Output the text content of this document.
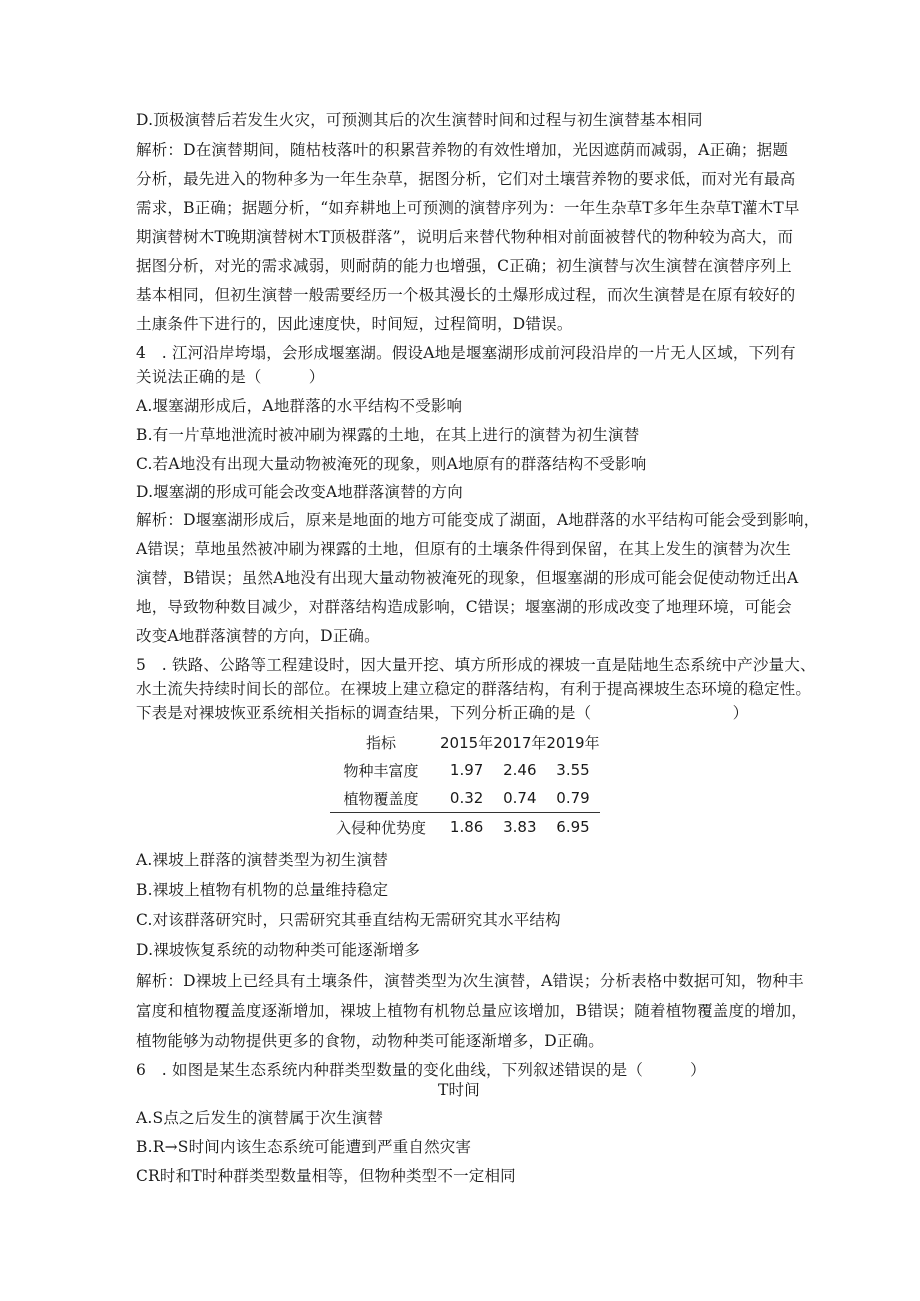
D.顶极演替后若发生火灾，可预测其后的次生演替时间和过程与初生演替基本相同
解析：D在演替期间，随枯枝落叶的积累营养物的有效性增加，光因遮荫而减弱，A正确；据题
分析，最先进入的物种多为一年生杂草，据图分析，它们对土壤营养物的要求低，而对光有最高
需求，B正确；据题分析，“如弃耕地上可预测的演替序列为：一年生杂草T多年生杂草T灌木T早
期演替树木T晚期演替树木T顶极群落”，说明后来替代物种相对前面被替代的物种较为高大，而
据图分析，对光的需求减弱，则耐荫的能力也增强，C正确；初生演替与次生演替在演替序列上
基本相同，但初生演替一般需要经历一个极其漫长的土爆形成过程，而次生演替是在原有较好的
土康条件下进行的，因此速度快，时间短，过程简明，D错误。
4　. 江河沿岸垮塌，会形成堰塞湖。假设A地是堰塞湖形成前河段沿岸的一片无人区域，下列有
关说法正确的是（　　　）
A.堰塞湖形成后，A地群落的水平结构不受影响
B.有一片草地泄流时被冲刷为裸露的土地，在其上进行的演替为初生演替
C.若A地没有出现大量动物被淹死的现象，则A地原有的群落结构不受影响
D.堰塞湖的形成可能会改变A地群落演替的方向
解析：D堰塞湖形成后，原来是地面的地方可能变成了湖面，A地群落的水平结构可能会受到影响，
A错误；草地虽然被冲刷为裸露的土地，但原有的土壤条件得到保留，在其上发生的演替为次生
演替，B错误；虽然A地没有出现大量动物被淹死的现象，但堰塞湖的形成可能会促使动物迁出A
地，导致物种数目减少，对群落结构造成影响，C错误；堰塞湖的形成改变了地理环境，可能会
改变A地群落演替的方向，D正确。
5　. 铁路、公路等工程建设时，因大量开挖、填方所形成的裸坡一直是陆地生态系统中产沙量大、
水土流失持续时间长的部位。在裸坡上建立稳定的群落结构，有利于提高裸坡生态环境的稳定性。
下表是对裸坡恢亚系统相关指标的调查结果，下列分析正确的是（　　　　　　　　　）
指标	2015年	2017年	2019年
物种丰富度	1.97	2.46	3.55
植物覆盖度	0.32	0.74	0.79
入侵种优势度	1.86	3.83	6.95
A.裸坡上群落的演替类型为初生演替
B.裸坡上植物有机物的总量维持稳定
C.对该群落研究时，只需研究其垂直结构无需研究其水平结构
D.裸坡恢复系统的动物种类可能逐渐增多
解析：D裸坡上已经具有土壤条件，演替类型为次生演替，A错误；分析表格中数据可知，物种丰
富度和植物覆盖度逐渐增加，裸坡上植物有机物总量应该增加，B错误；随着植物覆盖度的增加，
植物能够为动物提供更多的食物，动物种类可能逐渐增多，D正确。
6　. 如图是某生态系统内种群类型数量的变化曲线，下列叙述错误的是（　　　）
T时间
A.S点之后发生的演替属于次生演替
B.R→S时间内该生态系统可能遭到严重自然灾害
CR时和T时种群类型数量相等，但物种类型不一定相同
